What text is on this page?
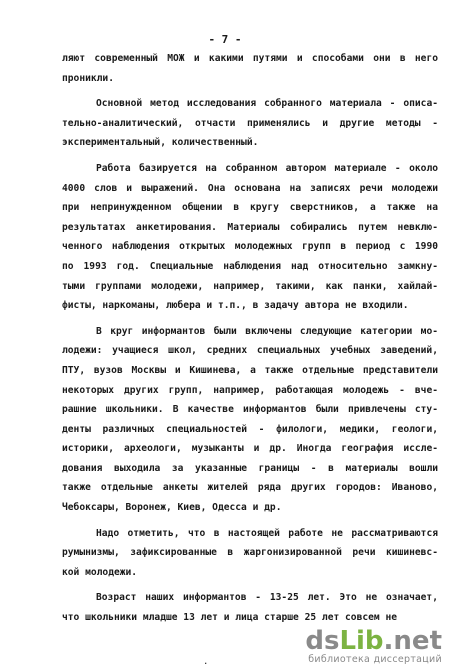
- 7 -
ляют современный МОЖ и какими путями и способами они в него
проникли.
Основной метод исследования собранного материала - описа-
тельно-аналитический, отчасти применялись и другие методы -
экспериментальный, количественный.
Работа базируется на собранном автором материале - около
4000 слов и выражений. Она основана на записях речи молодежи
при непринужденном общении в кругу сверстников, а также на
результатах анкетирования. Материалы собирались путем невклю-
ченного наблюдения открытых молодежных групп в период с 1990
по 1993 год. Специальные наблюдения над относительно замкну-
тыми группами молодежи, например, такими, как панки, хайлай-
фисты, наркоманы, люберa и т.п., в задачу автора не входили.
В круг информантов были включены следующие категории мо-
лодежи: учащиеся школ, средних специальных учебных заведений,
ПТУ, вузов Москвы и Кишинева, а также отдельные представители
некоторых других групп, например, работающая молодежь - вче-
рашние школьники. В качестве информантов были привлечены сту-
денты различных специальностей - филологи, медики, геологи,
историки, археологи, музыканты и др. Иногда география иссле-
дования выходила за указанные границы - в материалы вошли
также отдельные анкеты жителей ряда других городов: Иваново,
Чебоксары, Воронеж, Киев, Одесса и др.
Надо отметить, что в настоящей работе не рассматриваются
румынизмы, зафиксированные в жаргонизированной речи кишиневс-
кой молодежи.
Возраст наших информантов - 13-25 лет. Это не означает,
что школьники младше 13 лет и лица старше 25 лет совсем не
.
dsLib.net
библиотека диссертаций
